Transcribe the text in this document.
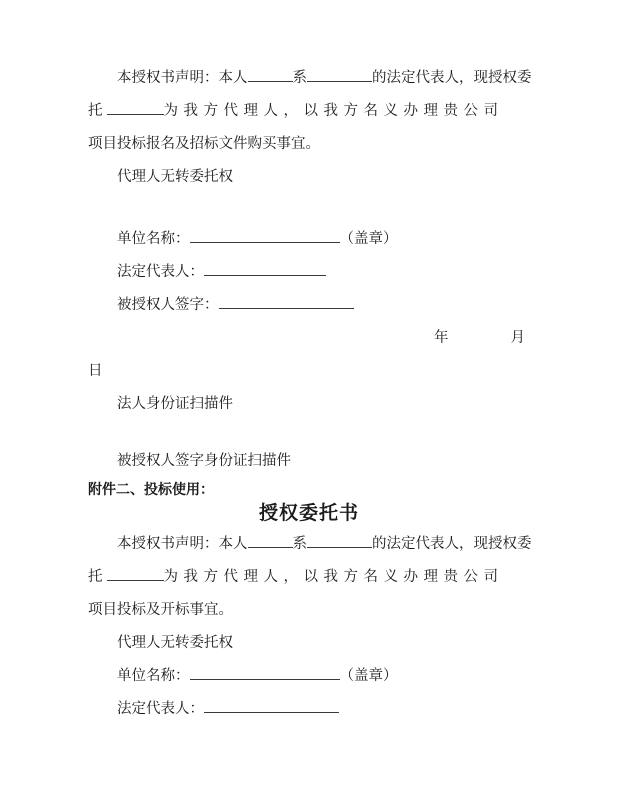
本授权书声明：本人	系	的法定代表人，现授权委
托	为我方代理人，以我方名义办理贵公司
项目投标报名及招标文件购买事宜。
代理人无转委托权
单位名称：	（盖章）
法定代表人：
被授权人签字：
年	月
日
法人身份证扫描件
被授权人签字身份证扫描件
附件二、投标使用：
授权委托书
本授权书声明：本人	系	的法定代表人，现授权委
托	为我方代理人，以我方名义办理贵公司
项目投标及开标事宜。
代理人无转委托权
单位名称：	（盖章）
法定代表人：
